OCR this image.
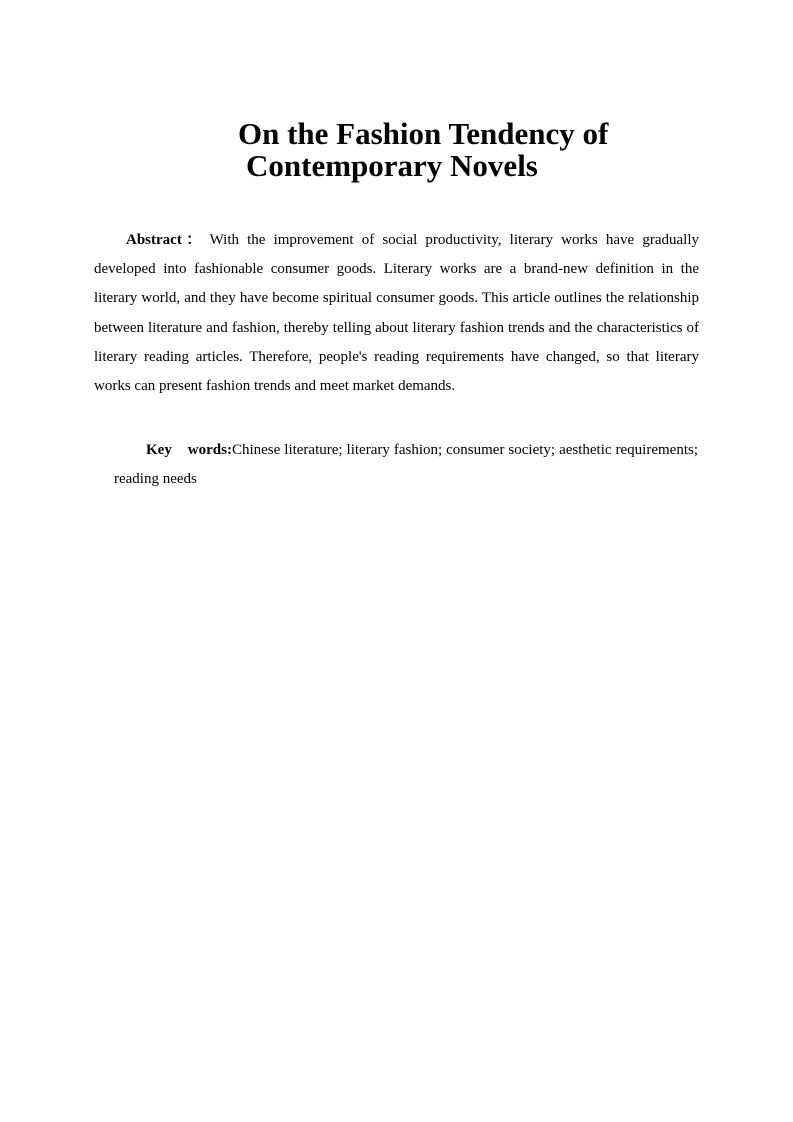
On the Fashion Tendency of
Contemporary Novels

Abstract： With the improvement of social productivity, literary works have gradually developed into fashionable consumer goods. Literary works are a brand-new definition in the literary world, and they have become spiritual consumer goods. This article outlines the relationship between literature and fashion, thereby telling about literary fashion trends and the characteristics of literary reading articles. Therefore, people's reading requirements have changed, so that literary works can present fashion trends and meet market demands.

Key words:Chinese literature; literary fashion; consumer society; aesthetic requirements; reading needs
